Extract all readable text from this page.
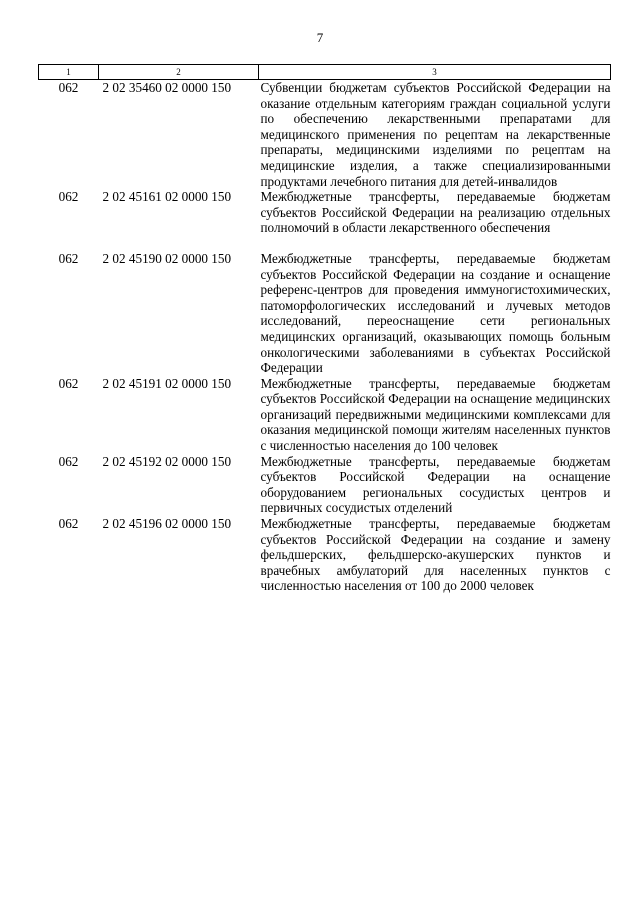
7
1	2	3
062	2 02 35460 02 0000 150	Субвенции бюджетам субъектов Российской Федерации на оказание отдельным категориям граждан социальной услуги по обеспечению лекарственными препаратами для медицинского применения по рецептам на лекарственные препараты, медицинскими изделиями по рецептам на медицинские изделия, а также специализированными продуктами лечебного питания для детей-инвалидов
062	2 02 45161 02 0000 150	Межбюджетные трансферты, передаваемые бюджетам субъектов Российской Федерации на реализацию отдельных полномочий в области лекарственного обеспечения
062	2 02 45190 02 0000 150	Межбюджетные трансферты, передаваемые бюджетам субъектов Российской Федерации на создание и оснащение референс-центров для проведения иммуногистохимических, патоморфологических исследований и лучевых методов исследований, переоснащение сети региональных медицинских организаций, оказывающих помощь больным онкологическими заболеваниями в субъектах Российской Федерации
062	2 02 45191 02 0000 150	Межбюджетные трансферты, передаваемые бюджетам субъектов Российской Федерации на оснащение медицинских организаций передвижными медицинскими комплексами для оказания медицинской помощи жителям населенных пунктов с численностью населения до 100 человек
062	2 02 45192 02 0000 150	Межбюджетные трансферты, передаваемые бюджетам субъектов Российской Федерации на оснащение оборудованием региональных сосудистых центров и первичных сосудистых отделений
062	2 02 45196 02 0000 150	Межбюджетные трансферты, передаваемые бюджетам субъектов Российской Федерации на создание и замену фельдшерских, фельдшерско-акушерских пунктов и врачебных амбулаторий для населенных пунктов с численностью населения от 100 до 2000 человек
